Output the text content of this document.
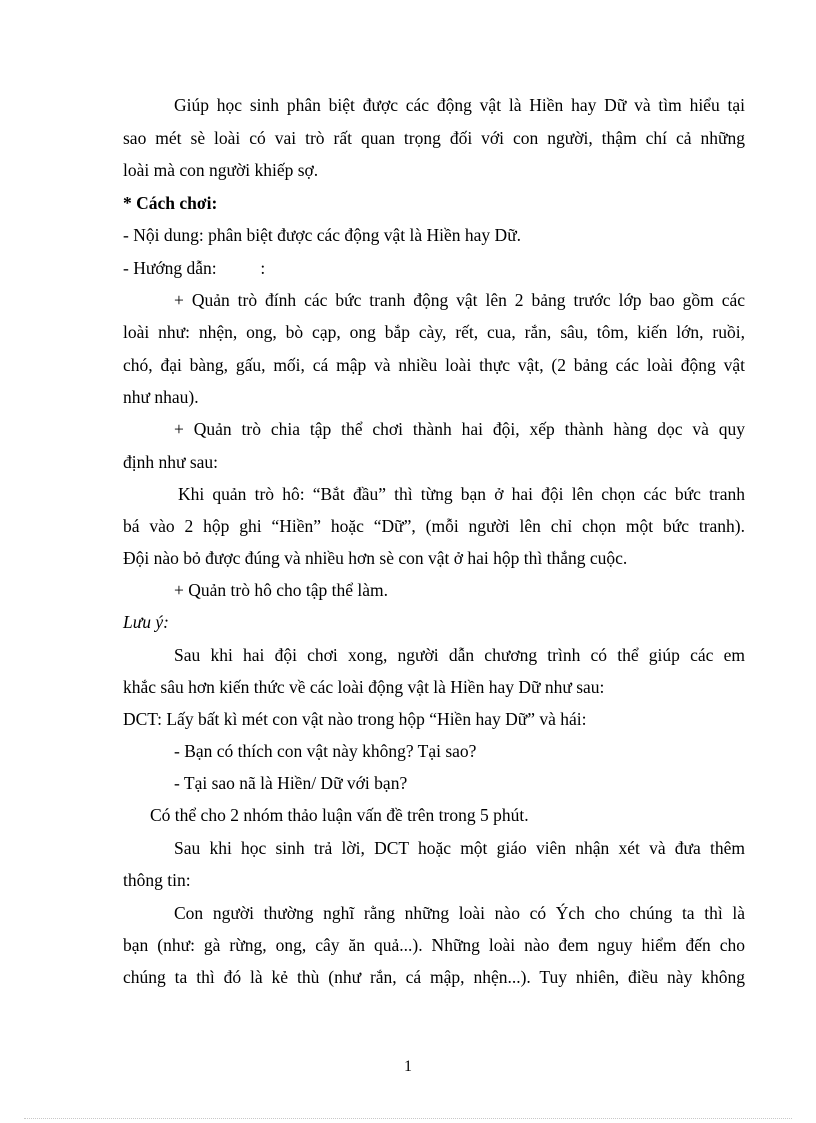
Giúp học sinh phân biệt được các động vật là Hiền hay Dữ và tìm hiểu tại
sao mét sè loài có vai trò rất quan trọng đối với con người, thậm chí cả những
loài mà con người khiếp sợ.
* Cách chơi:
- Nội dung: phân biệt được các động vật là Hiền hay Dữ.
- Hướng dẫn:          :
+ Quản trò đính các bức tranh động vật lên 2 bảng trước lớp bao gồm các
loài như: nhện, ong, bò cạp, ong bắp cày, rết, cua, rắn, sâu, tôm, kiến lớn, ruồi,
chó, đại bàng, gấu, mối, cá mập và nhiều loài thực vật, (2 bảng các loài động vật
như nhau).
+ Quản trò chia tập thể chơi thành hai đội, xếp thành hàng dọc và quy
định như sau:
Khi quản trò hô: “Bắt đầu” thì từng bạn ở hai đội lên chọn các bức tranh
bá vào 2 hộp ghi “Hiền” hoặc “Dữ”, (mỗi người lên chỉ chọn một bức tranh).
Đội nào bỏ được đúng và nhiều hơn sè con vật ở hai hộp thì thắng cuộc.
+ Quản trò hô cho tập thể làm.
Lưu ý:
Sau khi hai đội chơi xong, người dẫn chương trình có thể giúp các em
khắc sâu hơn kiến thức về các loài động vật là Hiền hay Dữ như sau:
DCT: Lấy bất kì mét con vật nào trong hộp “Hiền hay Dữ” và hái:
- Bạn có thích con vật này không? Tại sao?
- Tại sao nã là Hiền/ Dữ với bạn?
Có thể cho 2 nhóm thảo luận vấn đề trên trong 5 phút.
Sau khi học sinh trả lời, DCT hoặc một giáo viên nhận xét và đưa thêm
thông tin:
Con người thường nghĩ rằng những loài nào có Ých cho chúng ta thì là
bạn (như: gà rừng, ong, cây ăn quả...). Những loài nào đem nguy hiểm đến cho
chúng ta thì đó là kẻ thù (như rắn, cá mập, nhện...). Tuy nhiên, điều này không
1
